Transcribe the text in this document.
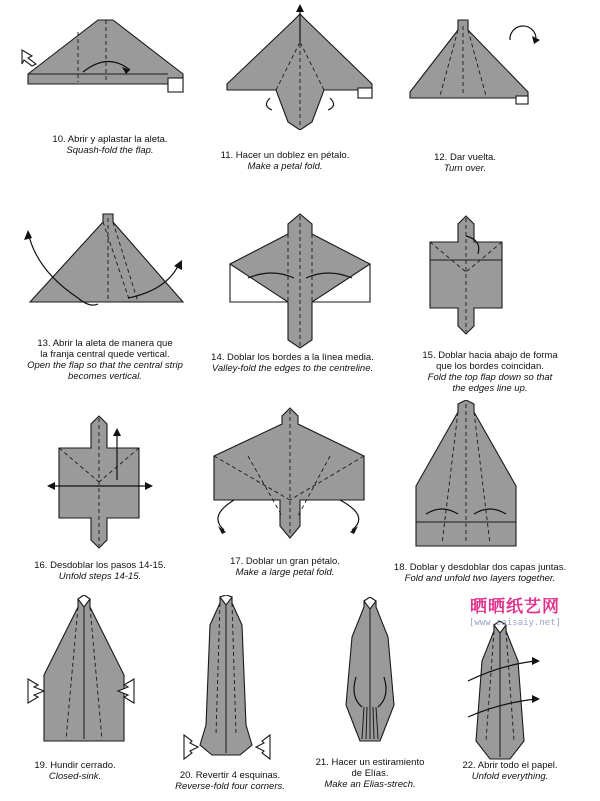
10. Abrir y aplastar la aleta.
Squash-fold the flap.	11. Hacer un doblez en pétalo.
Make a petal fold.
12. Dar vuelta.
Turn over.
13. Abrir la aleta de manera que
la franja central quede vertical.
Open the flap so that the central strip
becomes vertical.
14. Doblar los bordes a la línea media.
Valley-fold the edges to the centreline.
15. Doblar hacia abajo de forma
que los bordes coincidan.
Fold the top flap down so that
the edges line up.
16. Desdoblar los pasos 14-15.
Unfold steps 14-15.
17. Doblar un gran pétalo.
Make a large petal fold.	18. Doblar y desdoblar dos capas juntas.
Fold and unfold two layers together.
19. Hundir cerrado.
Closed-sink.	20. Revertir 4 esquinas.
Reverse-fold four corners.
21. Hacer un estiramiento
de Elías.
Make an Elias-strech.
22. Abrir todo el papel.
Unfold everything.
晒晒纸艺网
[www.saisaiy.net]
